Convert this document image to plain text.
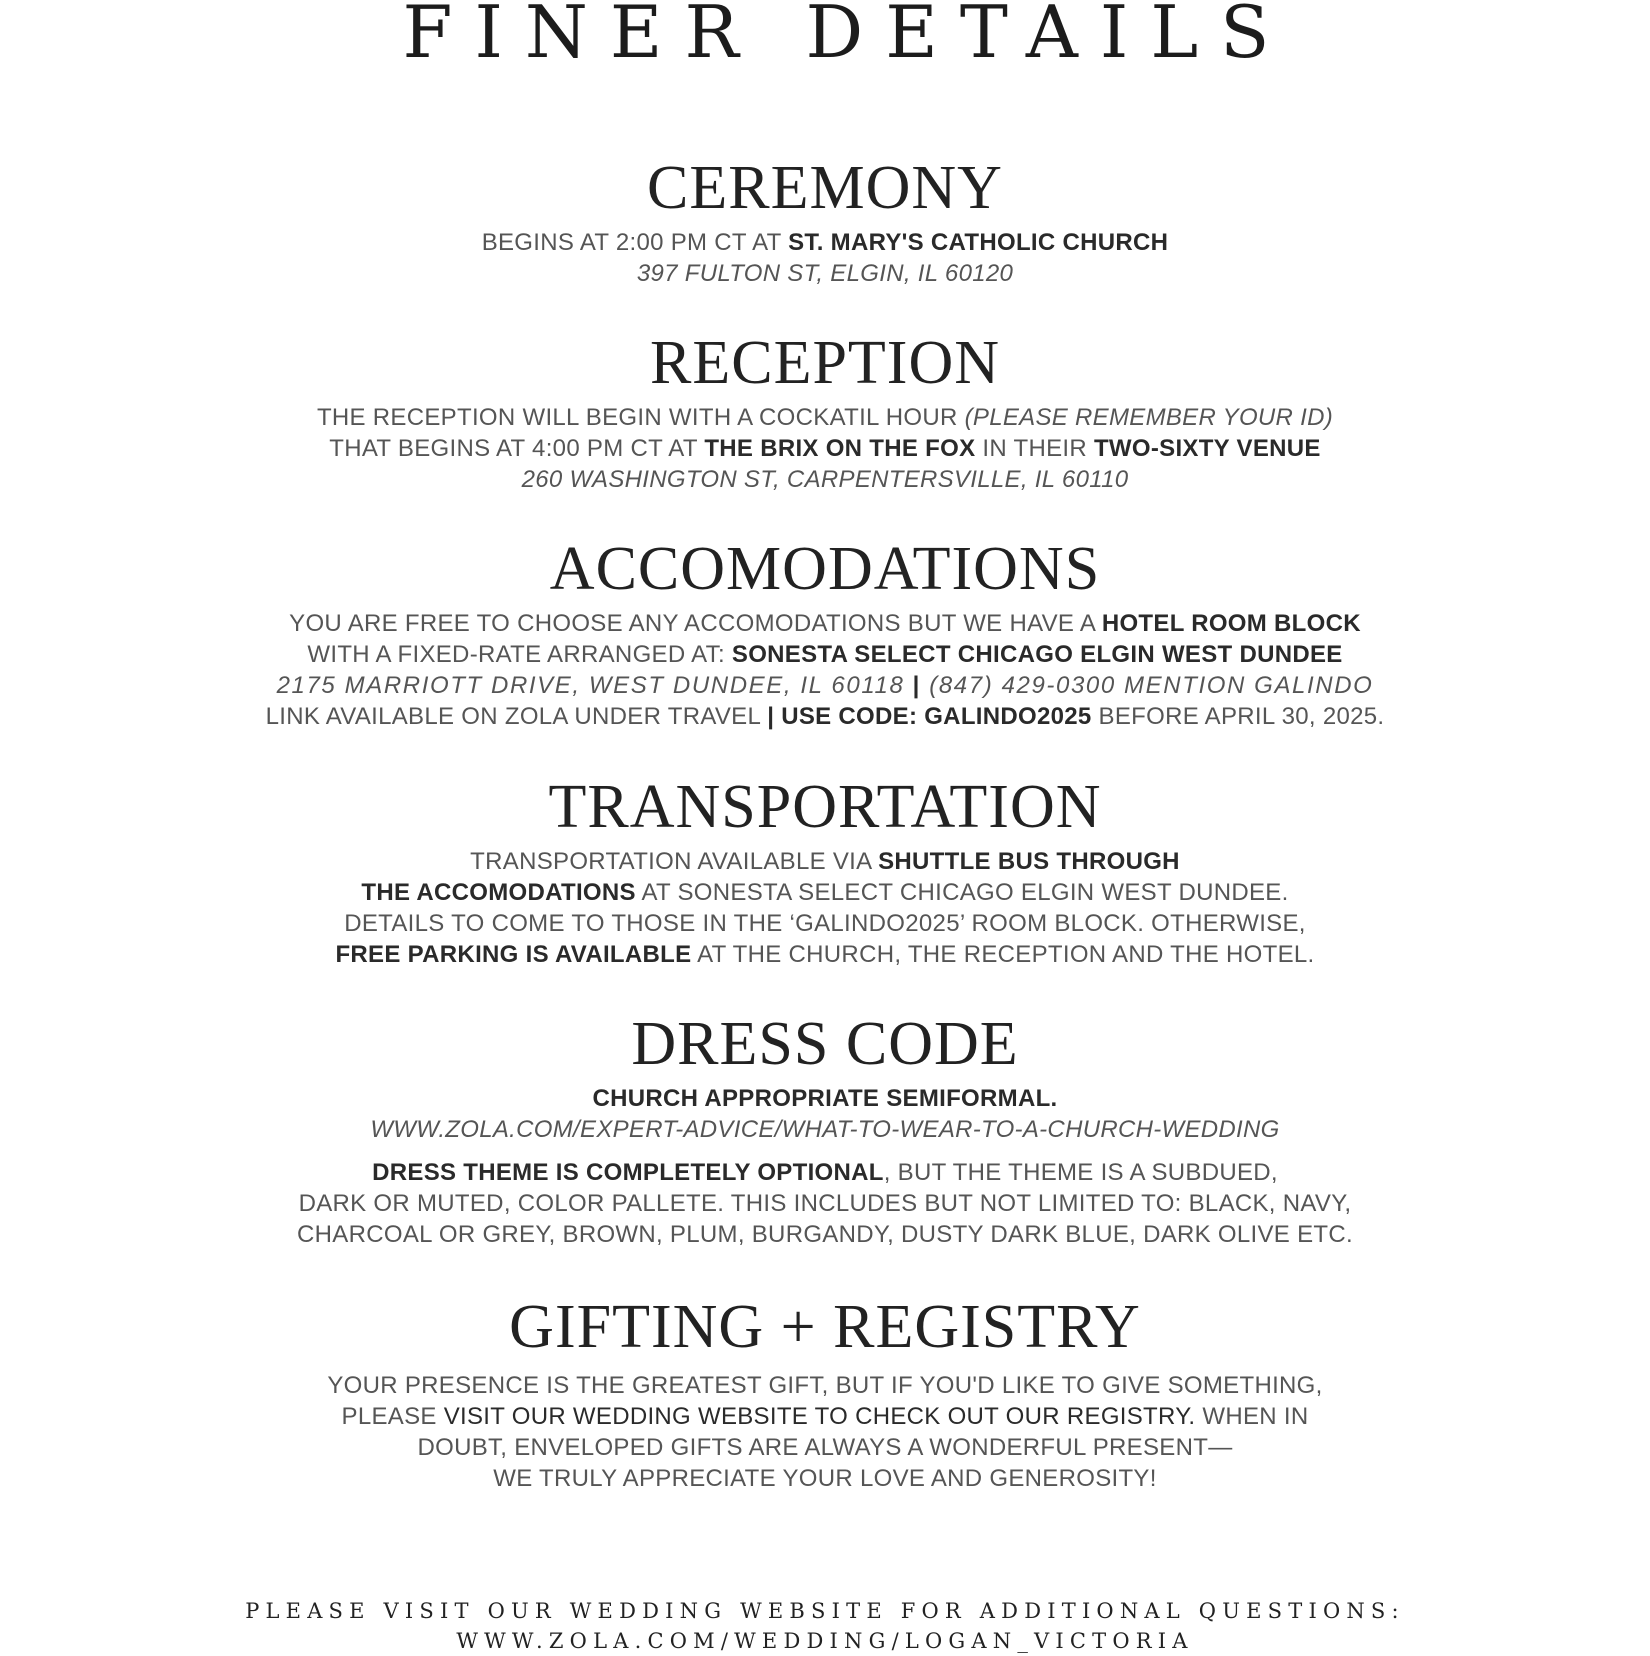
FINER DETAILS
CEREMONY
BEGINS AT 2:00 PM CT AT ST. MARY'S CATHOLIC CHURCH
397 FULTON ST, ELGIN, IL 60120
RECEPTION
THE RECEPTION WILL BEGIN WITH A COCKATIL HOUR (PLEASE REMEMBER YOUR ID)
THAT BEGINS AT 4:00 PM CT AT THE BRIX ON THE FOX IN THEIR TWO-SIXTY VENUE
260 WASHINGTON ST, CARPENTERSVILLE, IL 60110
ACCOMODATIONS
YOU ARE FREE TO CHOOSE ANY ACCOMODATIONS BUT WE HAVE A HOTEL ROOM BLOCK
WITH A FIXED-RATE ARRANGED AT: SONESTA SELECT CHICAGO ELGIN WEST DUNDEE
2175 MARRIOTT DRIVE, WEST DUNDEE, IL 60118 | (847) 429-0300 MENTION GALINDO
LINK AVAILABLE ON ZOLA UNDER TRAVEL | USE CODE: GALINDO2025 BEFORE APRIL 30, 2025.
TRANSPORTATION
TRANSPORTATION AVAILABLE VIA SHUTTLE BUS THROUGH
THE ACCOMODATIONS AT SONESTA SELECT CHICAGO ELGIN WEST DUNDEE.
DETAILS TO COME TO THOSE IN THE ‘GALINDO2025’ ROOM BLOCK. OTHERWISE,
FREE PARKING IS AVAILABLE AT THE CHURCH, THE RECEPTION AND THE HOTEL.
DRESS CODE
CHURCH APPROPRIATE SEMIFORMAL.
WWW.ZOLA.COM/EXPERT-ADVICE/WHAT-TO-WEAR-TO-A-CHURCH-WEDDING
DRESS THEME IS COMPLETELY OPTIONAL, BUT THE THEME IS A SUBDUED,
DARK OR MUTED, COLOR PALLETE. THIS INCLUDES BUT NOT LIMITED TO: BLACK, NAVY,
CHARCOAL OR GREY, BROWN, PLUM, BURGANDY, DUSTY DARK BLUE, DARK OLIVE ETC.
GIFTING + REGISTRY
YOUR PRESENCE IS THE GREATEST GIFT, BUT IF YOU'D LIKE TO GIVE SOMETHING,
PLEASE VISIT OUR WEDDING WEBSITE TO CHECK OUT OUR REGISTRY. WHEN IN
DOUBT, ENVELOPED GIFTS ARE ALWAYS A WONDERFUL PRESENT—
WE TRULY APPRECIATE YOUR LOVE AND GENEROSITY!
PLEASE VISIT OUR WEDDING WEBSITE FOR ADDITIONAL QUESTIONS:
WWW.ZOLA.COM/WEDDING/LOGAN_VICTORIA
